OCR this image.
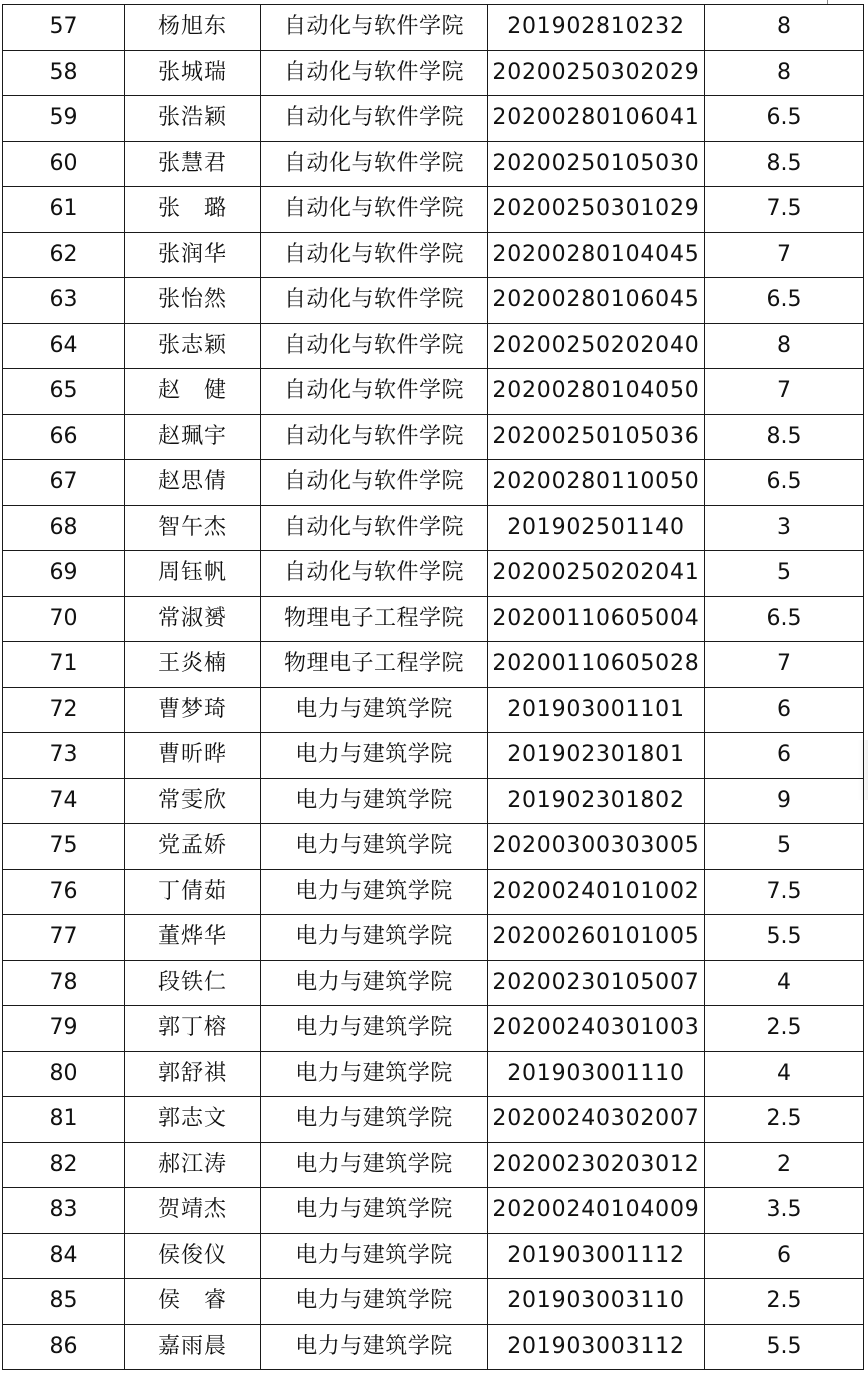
57	杨旭东	自动化与软件学院	201902810232	8
58	张城瑞	自动化与软件学院	20200250302029	8
59	张浩颖	自动化与软件学院	20200280106041	6.5
60	张慧君	自动化与软件学院	20200250105030	8.5
61	张　璐	自动化与软件学院	20200250301029	7.5
62	张润华	自动化与软件学院	20200280104045	7
63	张怡然	自动化与软件学院	20200280106045	6.5
64	张志颖	自动化与软件学院	20200250202040	8
65	赵　健	自动化与软件学院	20200280104050	7
66	赵珮宇	自动化与软件学院	20200250105036	8.5
67	赵思倩	自动化与软件学院	20200280110050	6.5
68	智午杰	自动化与软件学院	201902501140	3
69	周钰帆	自动化与软件学院	20200250202041	5
70	常淑赟	物理电子工程学院	20200110605004	6.5
71	王炎楠	物理电子工程学院	20200110605028	7
72	曹梦琦	电力与建筑学院	201903001101	6
73	曹昕晔	电力与建筑学院	201902301801	6
74	常雯欣	电力与建筑学院	201902301802	9
75	党孟娇	电力与建筑学院	20200300303005	5
76	丁倩茹	电力与建筑学院	20200240101002	7.5
77	董烨华	电力与建筑学院	20200260101005	5.5
78	段铁仁	电力与建筑学院	20200230105007	4
79	郭丁榕	电力与建筑学院	20200240301003	2.5
80	郭舒祺	电力与建筑学院	201903001110	4
81	郭志文	电力与建筑学院	20200240302007	2.5
82	郝江涛	电力与建筑学院	20200230203012	2
83	贺靖杰	电力与建筑学院	20200240104009	3.5
84	侯俊仪	电力与建筑学院	201903001112	6
85	侯　睿	电力与建筑学院	201903003110	2.5
86	嘉雨晨	电力与建筑学院	201903003112	5.5
